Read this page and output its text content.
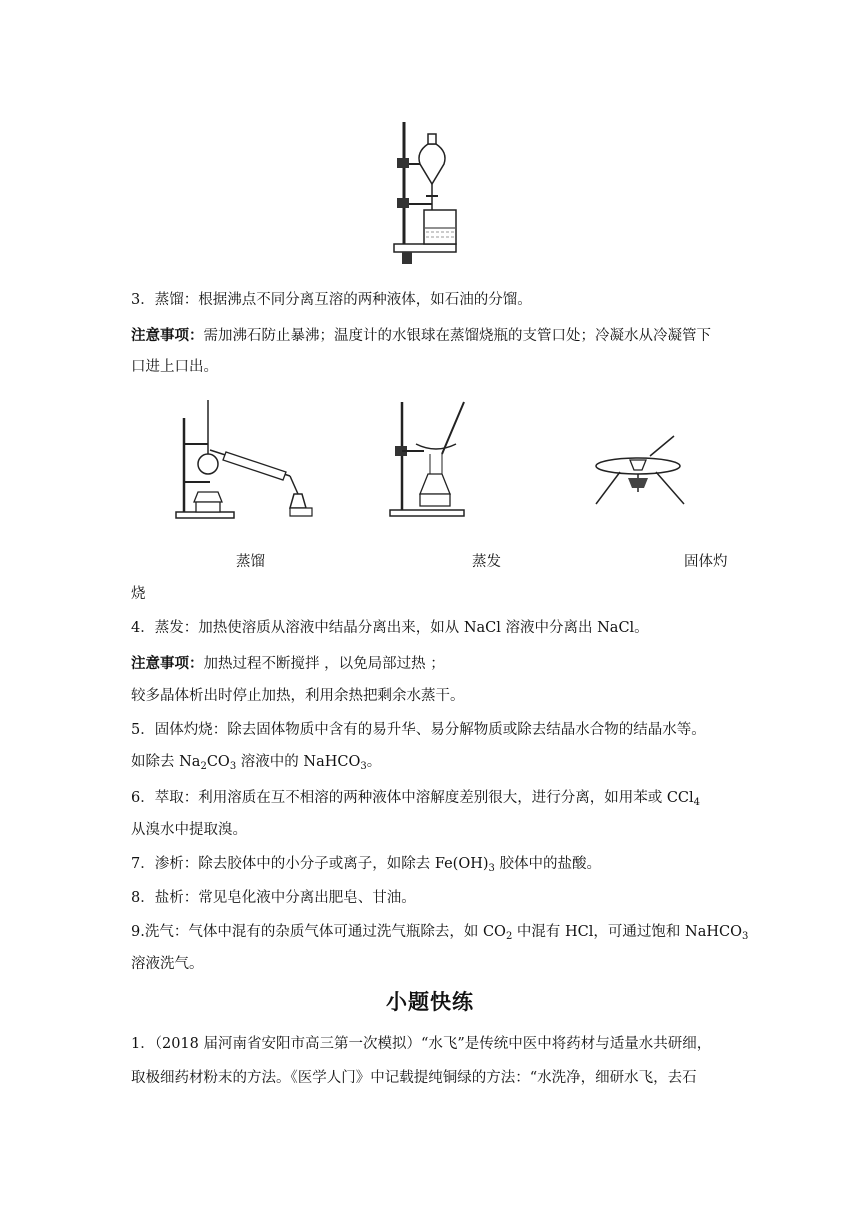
3．蒸馏：根据沸点不同分离互溶的两种液体，如石油的分馏。
注意事项：需加沸石防止暴沸；温度计的水银球在蒸馏烧瓶的支管口处；冷凝水从冷凝管下
口进上口出。
蒸馏	蒸发	固体灼
烧
4．蒸发：加热使溶质从溶液中结晶分离出来，如从 NaCl 溶液中分离出 NaCl。
注意事项：加热过程不断搅拌 ，以免局部过热 ；
较多晶体析出时停止加热，利用余热把剩余水蒸干。
5．固体灼烧：除去固体物质中含有的易升华、易分解物质或除去结晶水合物的结晶水等。
如除去 $Na_2CO_3$ 溶液中的 NaHCO$_3$。
6．萃取：利用溶质在互不相溶的两种液体中溶解度差别很大，进行分离，如用苯或 CCl$_4$
从溴水中提取溴。
7．渗析：除去胶体中的小分子或离子，如除去 $Fe(OH)_3$ 胶体中的盐酸。
8．盐析：常见皂化液中分离出肥皂、甘油。
9.洗气：气体中混有的杂质气体可通过洗气瓶除去，如 $CO_2$ 中混有 HCl，可通过饱和 NaHCO$_3$
溶液洗气。
小题快练
1．（2018 届河南省安阳市高三第一次模拟）“水飞”是传统中医中将药材与适量水共研细，
取极细药材粉末的方法。《医学人门》中记载提纯铜绿的方法：“水洗净，细研水飞，去石
